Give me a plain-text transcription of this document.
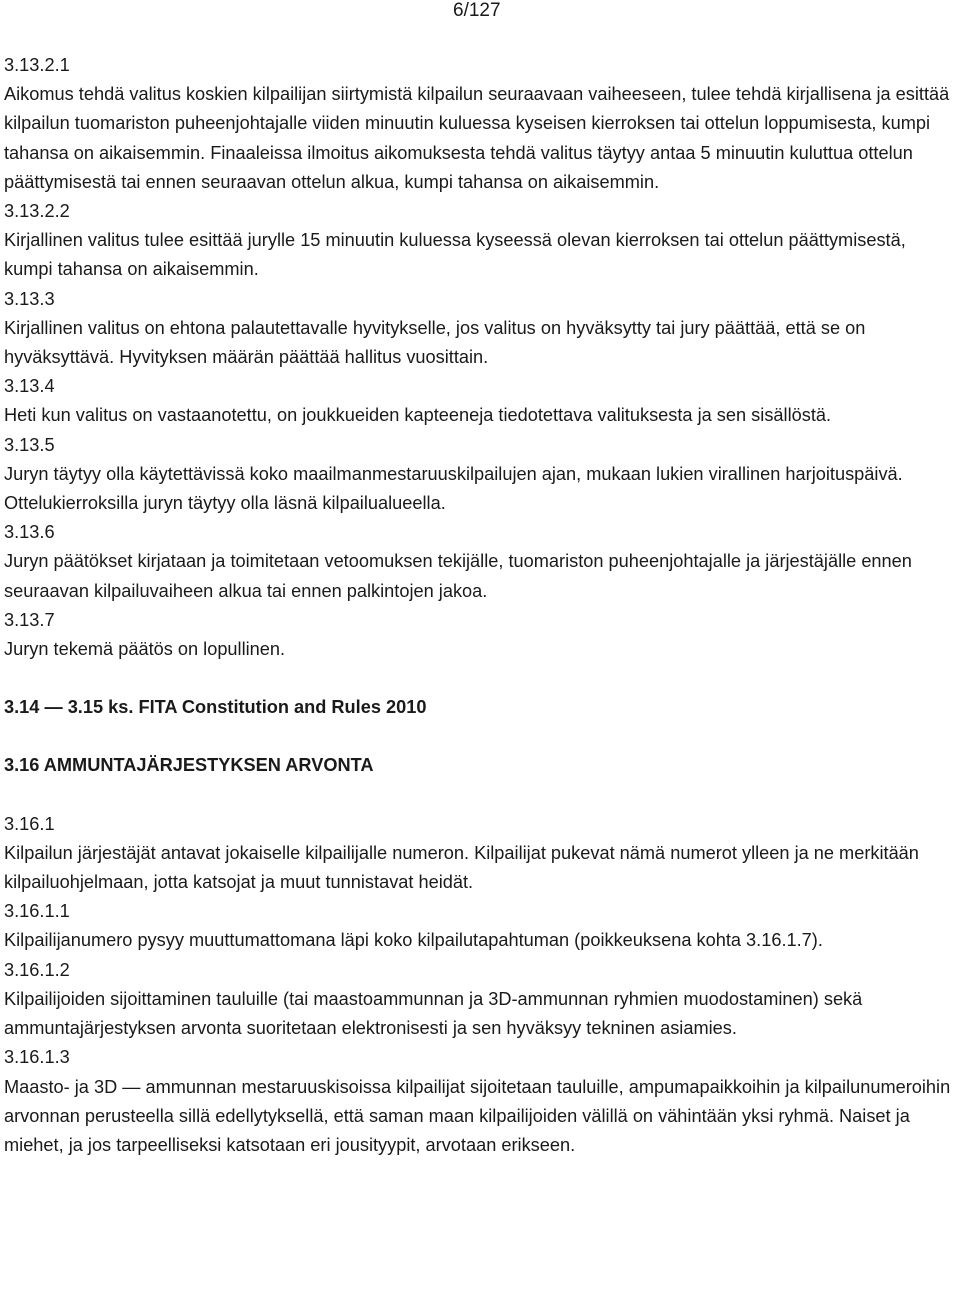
6/127

3.13.2.1

Aikomus tehdä valitus koskien kilpailijan siirtymistä kilpailun seuraavaan vaiheeseen, tulee tehdä kirjallisena ja esittää kilpailun tuomariston puheenjohtajalle viiden minuutin kuluessa kyseisen kierroksen tai ottelun loppumisesta, kumpi tahansa on aikaisemmin. Finaaleissa ilmoitus aikomuksesta tehdä valitus täytyy antaa 5 minuutin kuluttua ottelun päättymisestä tai ennen seuraavan ottelun alkua, kumpi tahansa on aikaisemmin.

3.13.2.2

Kirjallinen valitus tulee esittää jurylle 15 minuutin kuluessa kyseessä olevan kierroksen tai ottelun päättymisestä, kumpi tahansa on aikaisemmin.

3.13.3

Kirjallinen valitus on ehtona palautettavalle hyvitykselle, jos valitus on hyväksytty tai jury päättää, että se on hyväksyttävä. Hyvityksen määrän päättää hallitus vuosittain.

3.13.4

Heti kun valitus on vastaanotettu, on joukkueiden kapteeneja tiedotettava valituksesta ja sen sisällöstä.

3.13.5

Juryn täytyy olla käytettävissä koko maailmanmestaruuskilpailujen ajan, mukaan lukien virallinen harjoituspäivä. Ottelukierroksilla juryn täytyy olla läsnä kilpailualueella.

3.13.6

Juryn päätökset kirjataan ja toimitetaan vetoomuksen tekijälle, tuomariston puheenjohtajalle ja järjestäjälle ennen seuraavan kilpailuvaiheen alkua tai ennen palkintojen jakoa.

3.13.7

Juryn tekemä päätös on lopullinen.

3.14 — 3.15 ks. FITA Constitution and Rules 2010

3.16 AMMUNTAJÄRJESTYKSEN ARVONTA

3.16.1

Kilpailun järjestäjät antavat jokaiselle kilpailijalle numeron. Kilpailijat pukevat nämä numerot ylleen ja ne merkitään kilpailuohjelmaan, jotta katsojat ja muut tunnistavat heidät.

3.16.1.1

Kilpailijanumero pysyy muuttumattomana läpi koko kilpailutapahtuman (poikkeuksena kohta 3.16.1.7).

3.16.1.2

Kilpailijoiden sijoittaminen tauluille (tai maastoammunnan ja 3D-ammunnan ryhmien muodostaminen) sekä ammuntajärjestyksen arvonta suoritetaan elektronisesti ja sen hyväksyy tekninen asiamies.

3.16.1.3

Maasto- ja 3D — ammunnan mestaruuskisoissa kilpailijat sijoitetaan tauluille, ampumapaikkoihin ja kilpailunumeroihin arvonnan perusteella sillä edellytyksellä, että saman maan kilpailijoiden välillä on vähintään yksi ryhmä. Naiset ja miehet, ja jos tarpeelliseksi katsotaan eri jousityypit, arvotaan erikseen.
